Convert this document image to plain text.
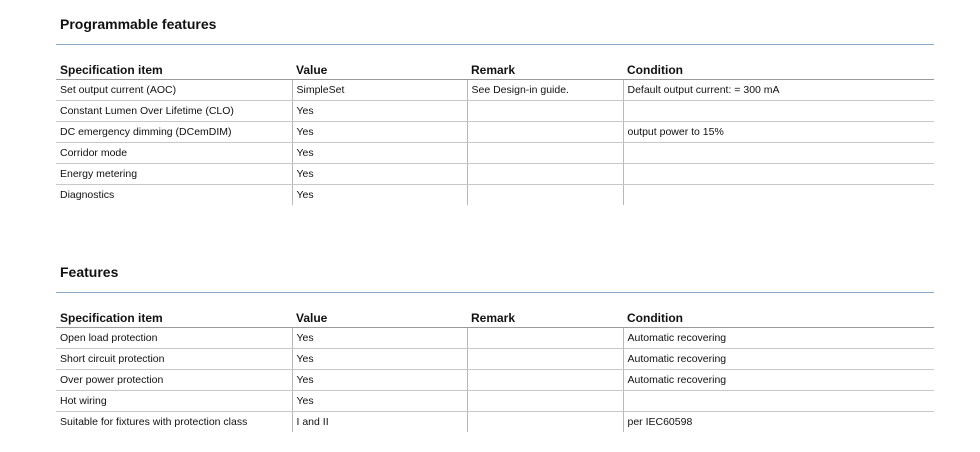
Programmable features
Specification item	Value	Remark	Condition
Set output current (AOC)	SimpleSet	See Design-in guide.	Default output current: = 300 mA
Constant Lumen Over Lifetime (CLO)	Yes		
DC emergency dimming (DCemDIM)	Yes		output power to 15%
Corridor mode	Yes		
Energy metering	Yes		
Diagnostics	Yes		
Features
Specification item	Value	Remark	Condition
Open load protection	Yes		Automatic recovering
Short circuit protection	Yes		Automatic recovering
Over power protection	Yes		Automatic recovering
Hot wiring	Yes		
Suitable for fixtures with protection class	I and II		per IEC60598
